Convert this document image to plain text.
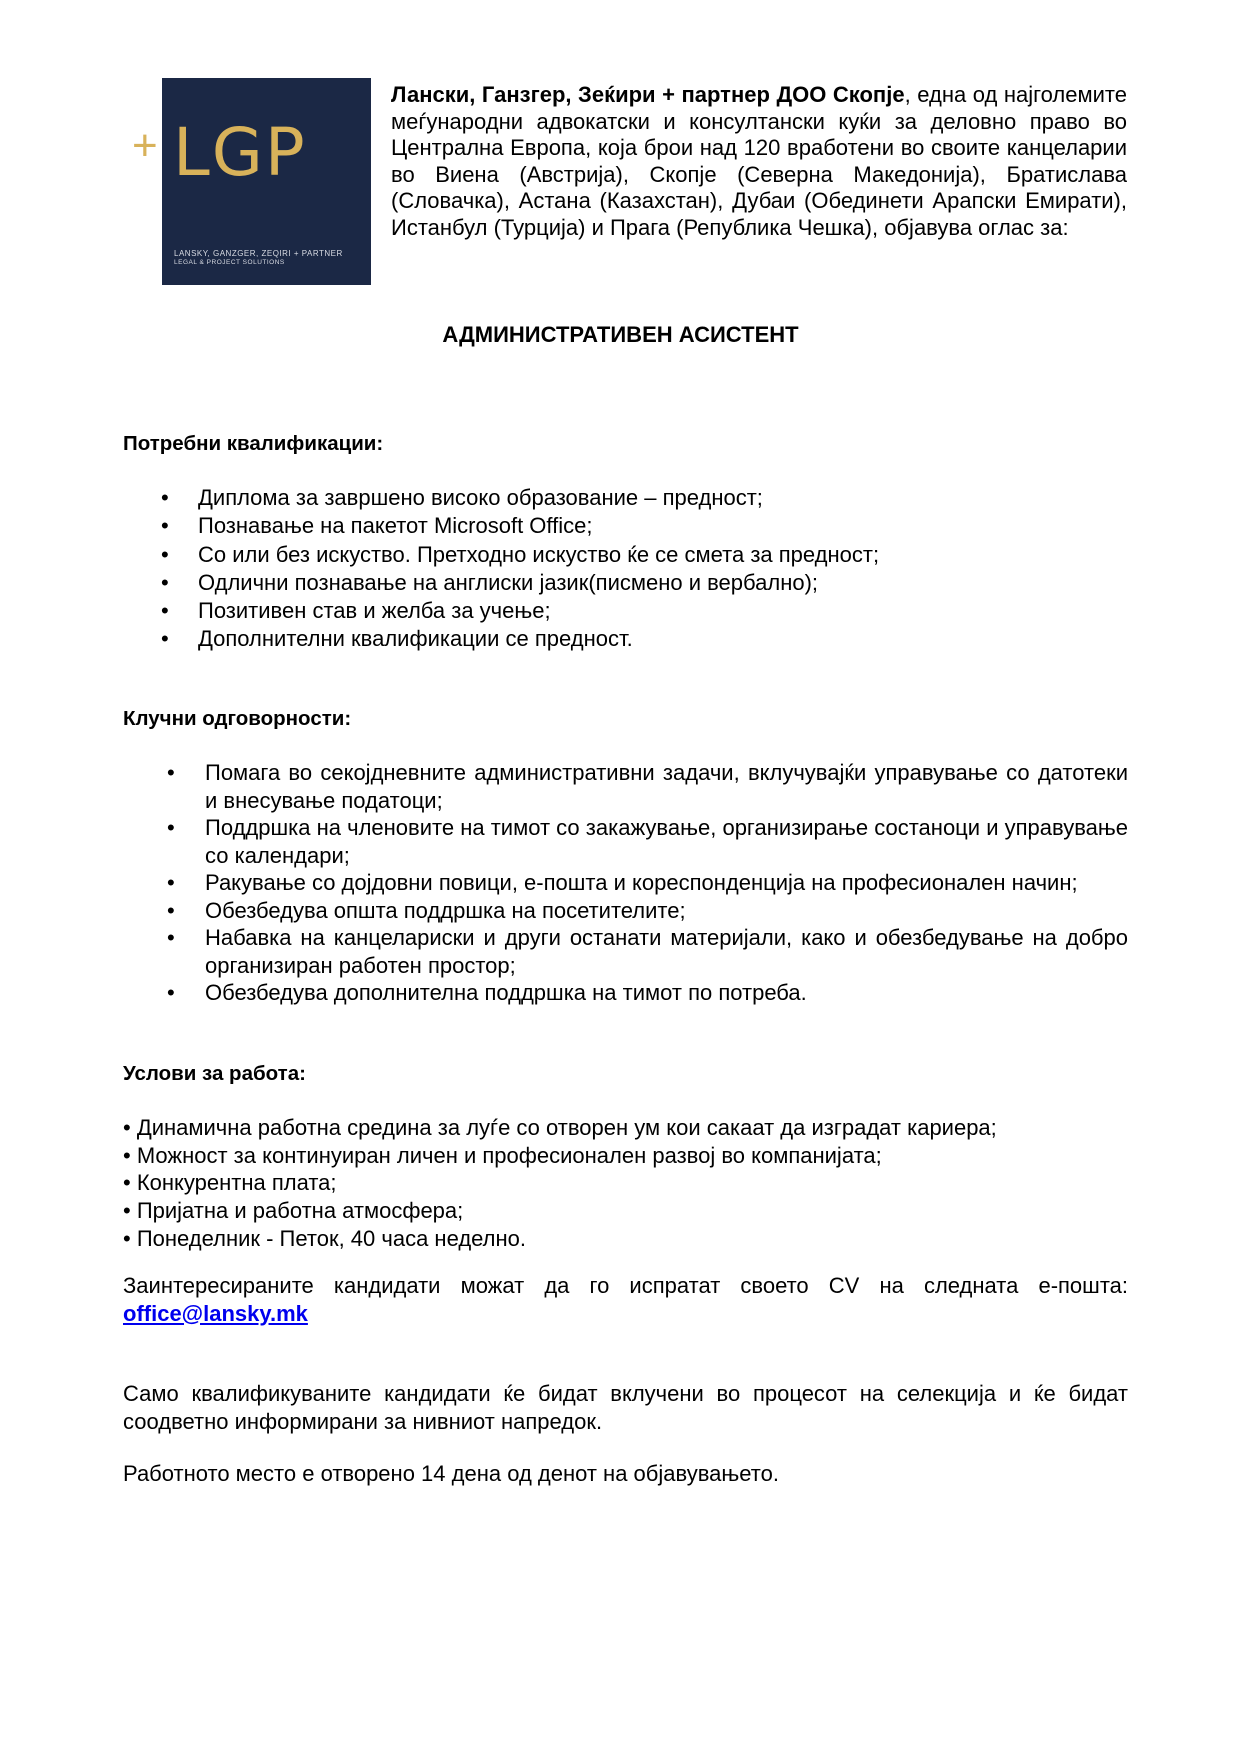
+ LGP
LANSKY, GANZGER, ZEQIRI + PARTNER
LEGAL & PROJECT SOLUTIONS
Лански, Ганзгер, Зеќири + партнер ДОО Скопје, една од најголемите меѓународни адвокатски и консултански куќи за деловно право во Централна Европа, која брои над 120 вработени во своите канцеларии во Виена (Австрија), Скопје (Северна Македонија), Братислава (Словачка), Астана (Казахстан), Дубаи (Обединети Арапски Емирати), Истанбул (Турција) и Прага (Република Чешка), објавува оглас за:
АДМИНИСТРАТИВЕН АСИСТЕНТ
Потребни квалификации:
• Диплома за завршено високо образование – предност;
• Познавање на пакетот Microsoft Office;
• Со или без искуство. Претходно искуство ќе се смета за предност;
• Одлични познавање на англиски јазик(писмено и вербално);
• Позитивен став и желба за учење;
• Дополнителни квалификации се предност.
Клучни одговорности:
• Помага во секојдневните административни задачи, вклучувајќи управување со датотеки и внесување податоци;
• Поддршка на членовите на тимот со закажување, организирање состаноци и управување со календари;
• Ракување со дојдовни повици, е-пошта и кореспонденција на професионален начин;
• Обезбедува општа поддршка на посетителите;
• Набавка на канцелариски и други останати материјали, како и обезбедување на добро организиран работен простор;
• Обезбедува дополнителна поддршка на тимот по потреба.
Услови за работа:
• Динамична работна средина за луѓе со отворен ум кои сакаат да изградат кариера;
• Можност за континуиран личен и професионален развој во компанијата;
• Конкурентна плата;
• Пријатна и работна атмосфера;
• Понеделник - Петок, 40 часа неделно.
Заинтересираните кандидати можат да го испратат своето CV на следната е-пошта: office@lansky.mk
Само квалификуваните кандидати ќе бидат вклучени во процесот на селекција и ќе бидат соодветно информирани за нивниот напредок.
Работното место е отворено 14 дена од денот на објавувањето.
